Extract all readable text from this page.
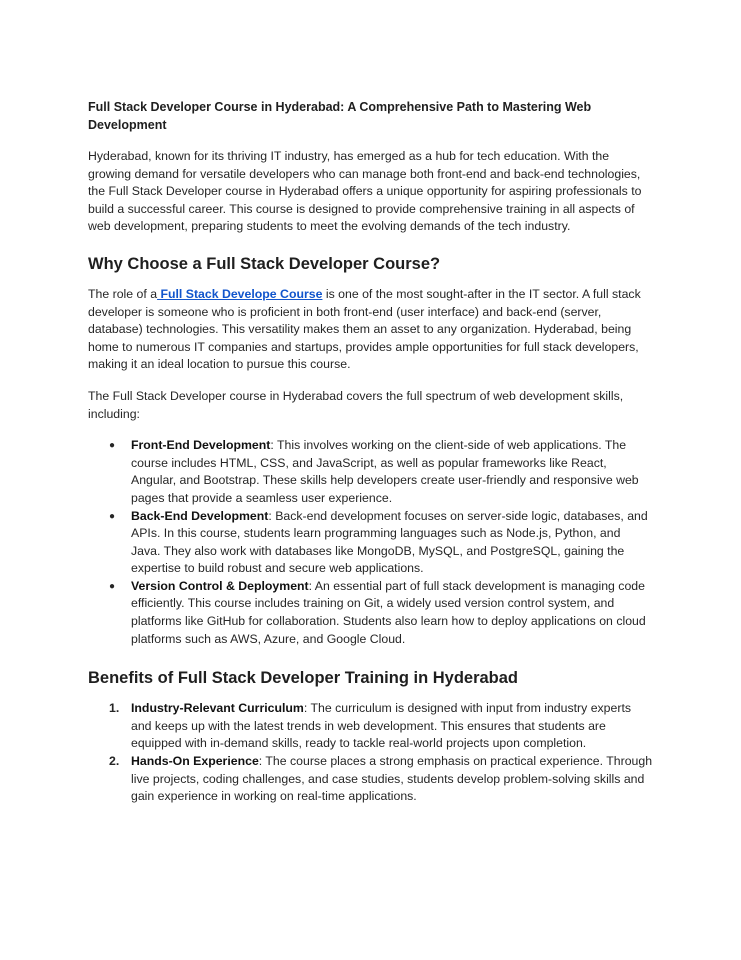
Full Stack Developer Course in Hyderabad: A Comprehensive Path to Mastering Web Development

Hyderabad, known for its thriving IT industry, has emerged as a hub for tech education. With the growing demand for versatile developers who can manage both front-end and back-end technologies, the Full Stack Developer course in Hyderabad offers a unique opportunity for aspiring professionals to build a successful career. This course is designed to provide comprehensive training in all aspects of web development, preparing students to meet the evolving demands of the tech industry.

Why Choose a Full Stack Developer Course?

The role of a Full Stack Develope Course is one of the most sought-after in the IT sector. A full stack developer is someone who is proficient in both front-end (user interface) and back-end (server, database) technologies. This versatility makes them an asset to any organization. Hyderabad, being home to numerous IT companies and startups, provides ample opportunities for full stack developers, making it an ideal location to pursue this course.

The Full Stack Developer course in Hyderabad covers the full spectrum of web development skills, including:

● Front-End Development: This involves working on the client-side of web applications. The course includes HTML, CSS, and JavaScript, as well as popular frameworks like React, Angular, and Bootstrap. These skills help developers create user-friendly and responsive web pages that provide a seamless user experience.
● Back-End Development: Back-end development focuses on server-side logic, databases, and APIs. In this course, students learn programming languages such as Node.js, Python, and Java. They also work with databases like MongoDB, MySQL, and PostgreSQL, gaining the expertise to build robust and secure web applications.
● Version Control & Deployment: An essential part of full stack development is managing code efficiently. This course includes training on Git, a widely used version control system, and platforms like GitHub for collaboration. Students also learn how to deploy applications on cloud platforms such as AWS, Azure, and Google Cloud.
Benefits of Full Stack Developer Training in Hyderabad
1. Industry-Relevant Curriculum: The curriculum is designed with input from industry experts and keeps up with the latest trends in web development. This ensures that students are equipped with in-demand skills, ready to tackle real-world projects upon completion.
2. Hands-On Experience: The course places a strong emphasis on practical experience. Through live projects, coding challenges, and case studies, students develop problem-solving skills and gain experience in working on real-time applications.
